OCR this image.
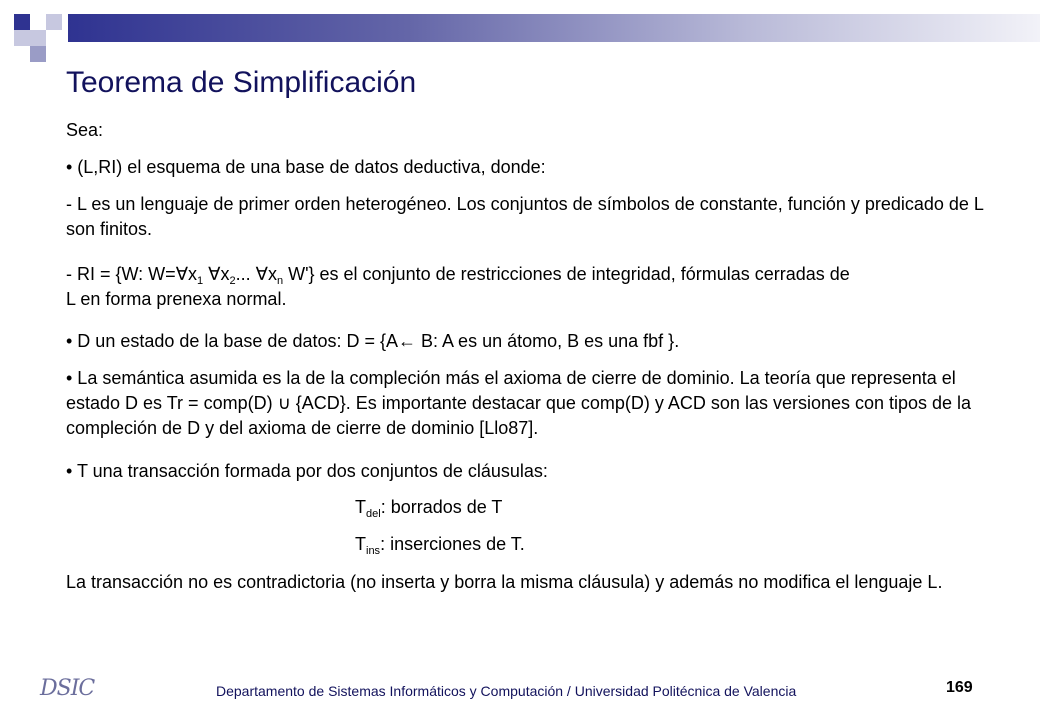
Teorema de Simplificación

Sea:

• (L,RI) el esquema de una base de datos deductiva, donde:

- L es un lenguaje de primer orden heterogéneo. Los conjuntos de símbolos de constante, función y predicado de L son finitos.

- RI = {W: $W=\forall x_1$ $\forall x_2$... $\forall x_n$ W'} es el conjunto de restricciones de integridad, fórmulas cerradas de

L en forma prenexa normal.

• D un estado de la base de datos: D = {A← B: A es un átomo, B es una fbf }.

• La semántica asumida es la de la compleción más el axioma de cierre de dominio. La teoría que representa el estado D es Tr = comp(D) ∪ {ACD}. Es importante destacar que comp(D) y ACD son las versiones con tipos de la compleción de D y del axioma de cierre de dominio [Llo87].

• T una transacción formada por dos conjuntos de cláusulas:

$T_{del}$: borrados de T

$T_{ins}$: inserciones de T.

La transacción no es contradictoria (no inserta y borra la misma cláusula) y además no modifica el lenguaje L.

DSIC	Departamento de Sistemas Informáticos y Computación / Universidad Politécnica de Valencia	169
